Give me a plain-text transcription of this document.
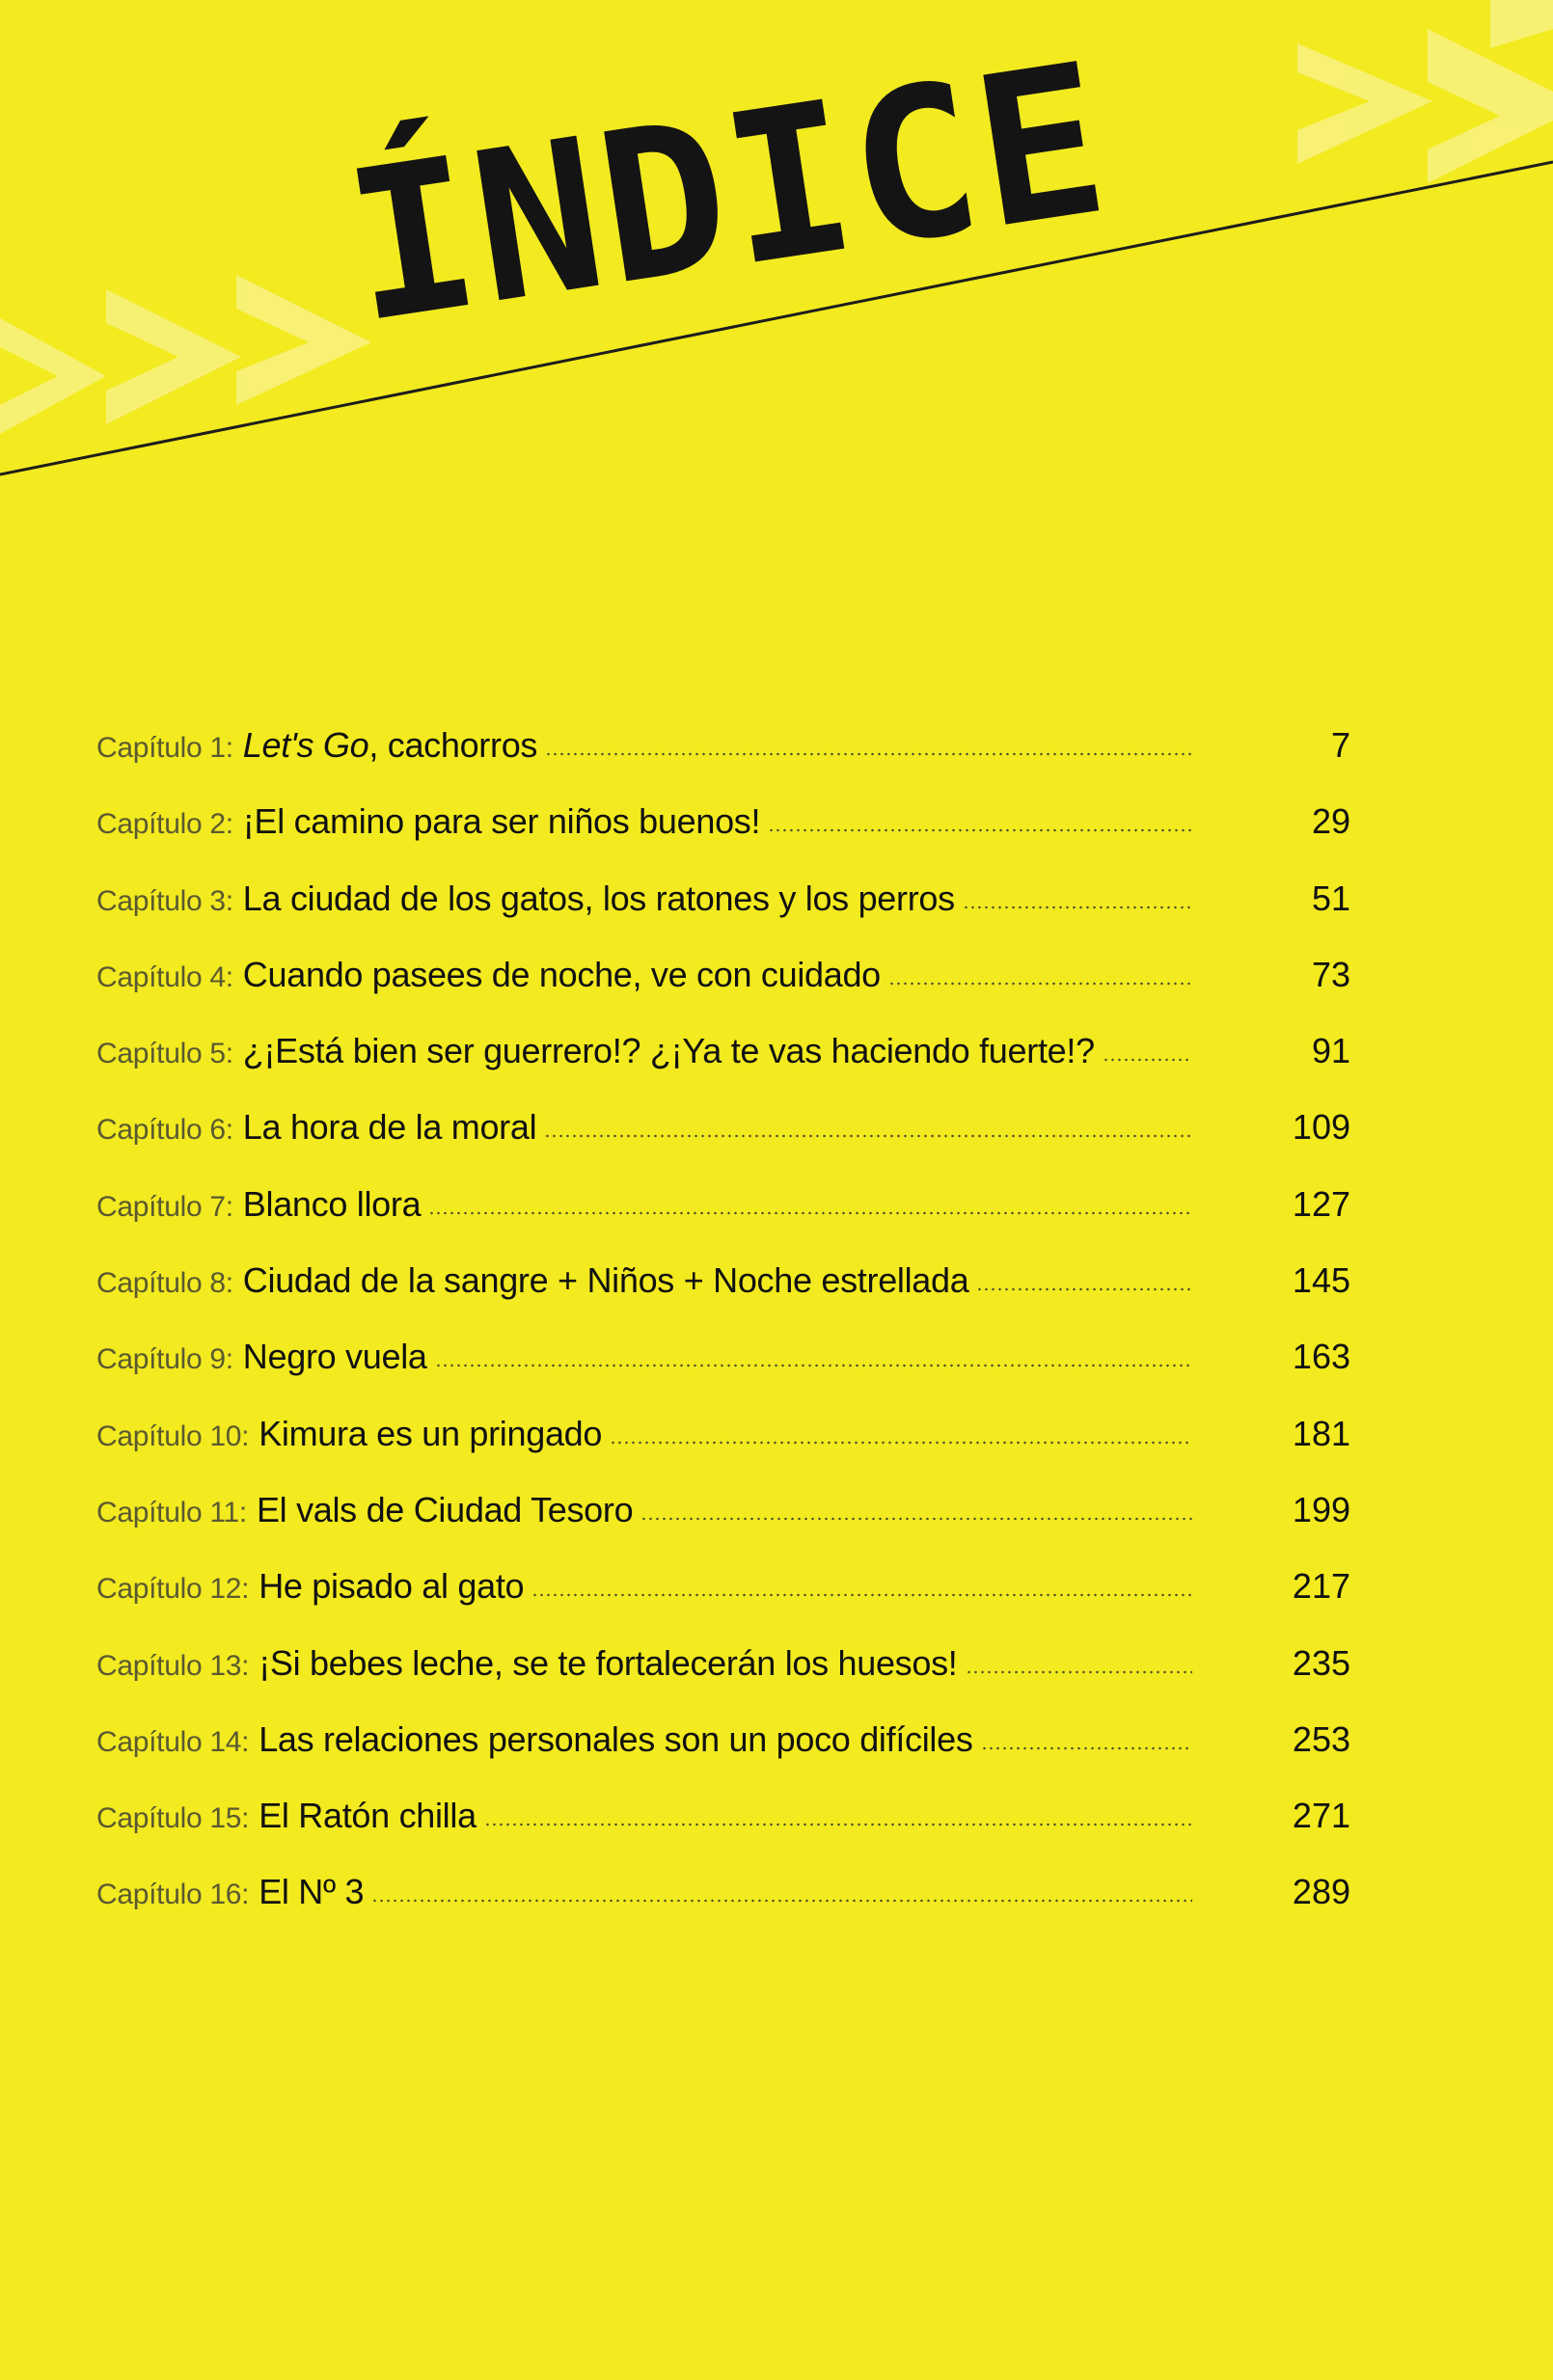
ÍNDICE
Capítulo 1: Let's Go, cachorros	7
Capítulo 2: ¡El camino para ser niños buenos!	29
Capítulo 3: La ciudad de los gatos, los ratones y los perros	51
Capítulo 4: Cuando pasees de noche, ve con cuidado	73
Capítulo 5: ¿¡Está bien ser guerrero!? ¿¡Ya te vas haciendo fuerte!?	91
Capítulo 6: La hora de la moral	109
Capítulo 7: Blanco llora	127
Capítulo 8: Ciudad de la sangre + Niños + Noche estrellada	145
Capítulo 9: Negro vuela	163
Capítulo 10: Kimura es un pringado	181
Capítulo 11: El vals de Ciudad Tesoro	199
Capítulo 12: He pisado al gato	217
Capítulo 13: ¡Si bebes leche, se te fortalecerán los huesos!	235
Capítulo 14: Las relaciones personales son un poco difíciles	253
Capítulo 15: El Ratón chilla	271
Capítulo 16: El Nº 3	289
